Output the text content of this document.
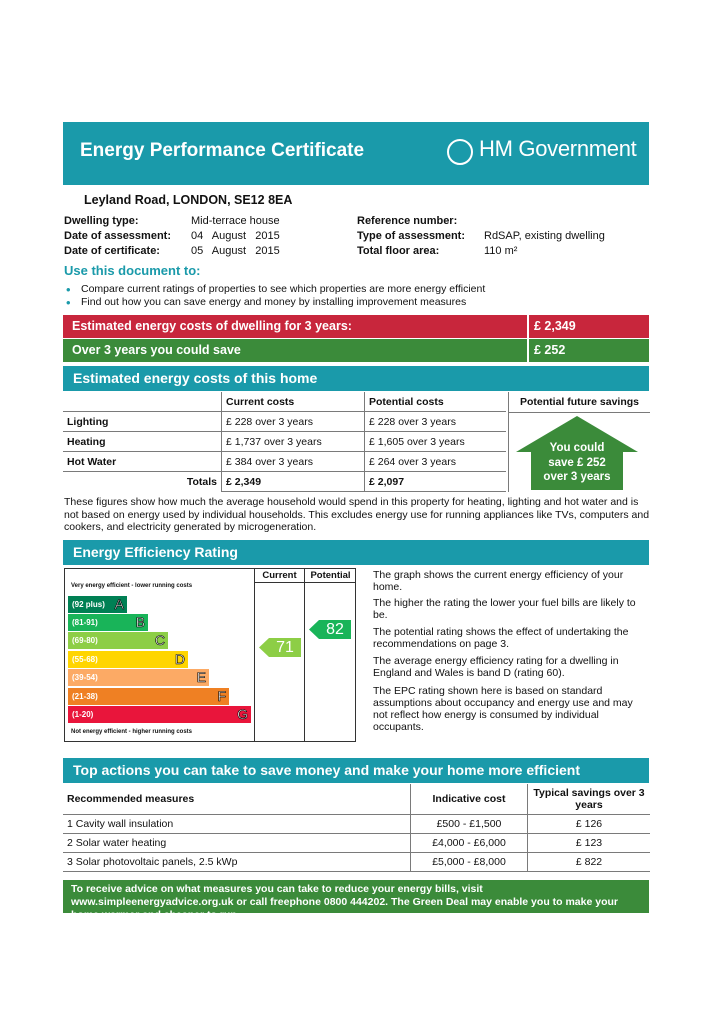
Energy Performance Certificate	HM Government
Leyland Road, LONDON, SE12 8EA
Dwelling type:	Mid-terrace house
Date of assessment:	04   August   2015
Date of certificate:	05   August   2015
Reference number:
Type of assessment:	RdSAP, existing dwelling
Total floor area:	110 m²
Use this document to:
• Compare current ratings of properties to see which properties are more energy efficient
• Find out how you can save energy and money by installing improvement measures
Estimated energy costs of dwelling for 3 years:	£ 2,349
Over 3 years you could save	£ 252
Estimated energy costs of this home
	Current costs	Potential costs
Lighting	£ 228 over 3 years	£ 228 over 3 years
Heating	£ 1,737 over 3 years	£ 1,605 over 3 years
Hot Water	£ 384 over 3 years	£ 264 over 3 years
Totals	£ 2,349	£ 2,097
Potential future savings
You could
save £ 252
over 3 years
These figures show how much the average household would spend in this property for heating, lighting and hot water and is not based on energy used by individual households. This excludes energy use for running appliances like TVs, computers and cookers, and electricity generated by microgeneration.
Energy Efficiency Rating
Very energy efficient - lower running costs
(92 plus) A
(81-91)	B
(69-80)	C
(55-68)	D
(39-54)	E
(21-38)	F
(1-20)	G
Not energy efficient - higher running costs
Current	Potential
71
82
The graph shows the current energy efficiency of your home.
The higher the rating the lower your fuel bills are likely to be.
The potential rating shows the effect of undertaking the recommendations on page 3.
The average energy efficiency rating for a dwelling in England and Wales is band D (rating 60).
The EPC rating shown here is based on standard assumptions about occupancy and energy use and may not reflect how energy is consumed by individual occupants.
Top actions you can take to save money and make your home more efficient
Recommended measures	Indicative cost	Typical savings over 3 years
1 Cavity wall insulation	£500 - £1,500	£ 126
2 Solar water heating	£4,000 - £6,000	£ 123
3 Solar photovoltaic panels, 2.5 kWp	£5,000 - £8,000	£ 822
To receive advice on what measures you can take to reduce your energy bills, visit www.simpleenergyadvice.org.uk or call freephone 0800 444202. The Green Deal may enable you to make your home warmer and cheaper to run.
